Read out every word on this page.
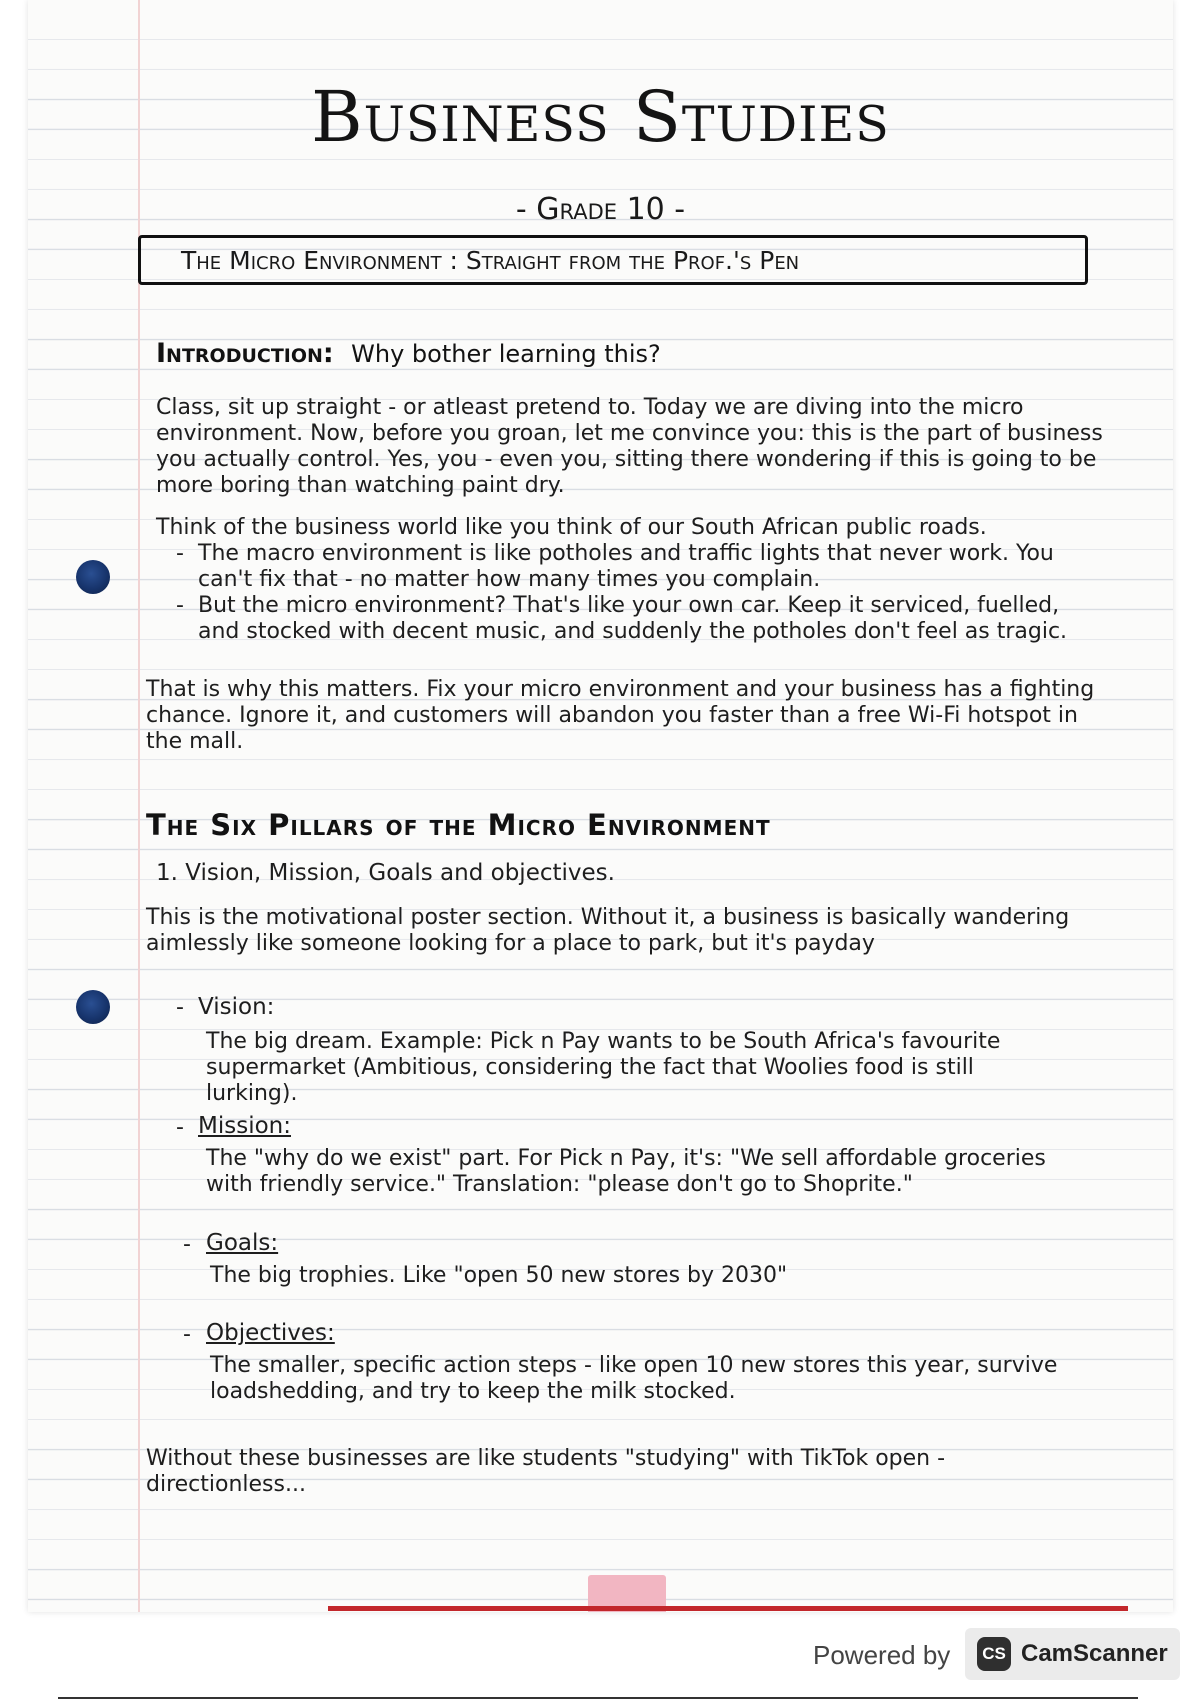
Business Studies
- Grade 10 -
The Micro Environment : Straight from the Prof.'s Pen
Introduction: Why bother learning this?
Class, sit up straight - or atleast pretend to. Today we are diving into the micro environment. Now, before you groan, let me convince you: this is the part of business you actually control. Yes, you - even you, sitting there wondering if this is going to be more boring than watching paint dry.
Think of the business world like you think of our South African public roads.
- The macro environment is like potholes and traffic lights that never work. You can't fix that - no matter how many times you complain.
- But the micro environment? That's like your own car. Keep it serviced, fuelled, and stocked with decent music, and suddenly the potholes don't feel as tragic.
That is why this matters. Fix your micro environment and your business has a fighting chance. Ignore it, and customers will abandon you faster than a free Wi-Fi hotspot in the mall.
The Six Pillars of the Micro Environment
1. Vision, Mission, Goals and objectives.
This is the motivational poster section. Without it, a business is basically wandering aimlessly like someone looking for a place to park, but it's payday
- Vision:
The big dream. Example: Pick n Pay wants to be South Africa's favourite supermarket (Ambitious, considering the fact that Woolies food is still lurking).
- Mission:
The "why do we exist" part. For Pick n Pay, it's: "We sell affordable groceries with friendly service." Translation: "please don't go to Shoprite."
- Goals:
The big trophies. Like "open 50 new stores by 2030"
- Objectives:
The smaller, specific action steps - like open 10 new stores this year, survive loadshedding, and try to keep the milk stocked.
Without these businesses are like students "studying" with TikTok open - directionless...
Powered by	CS CamScanner
